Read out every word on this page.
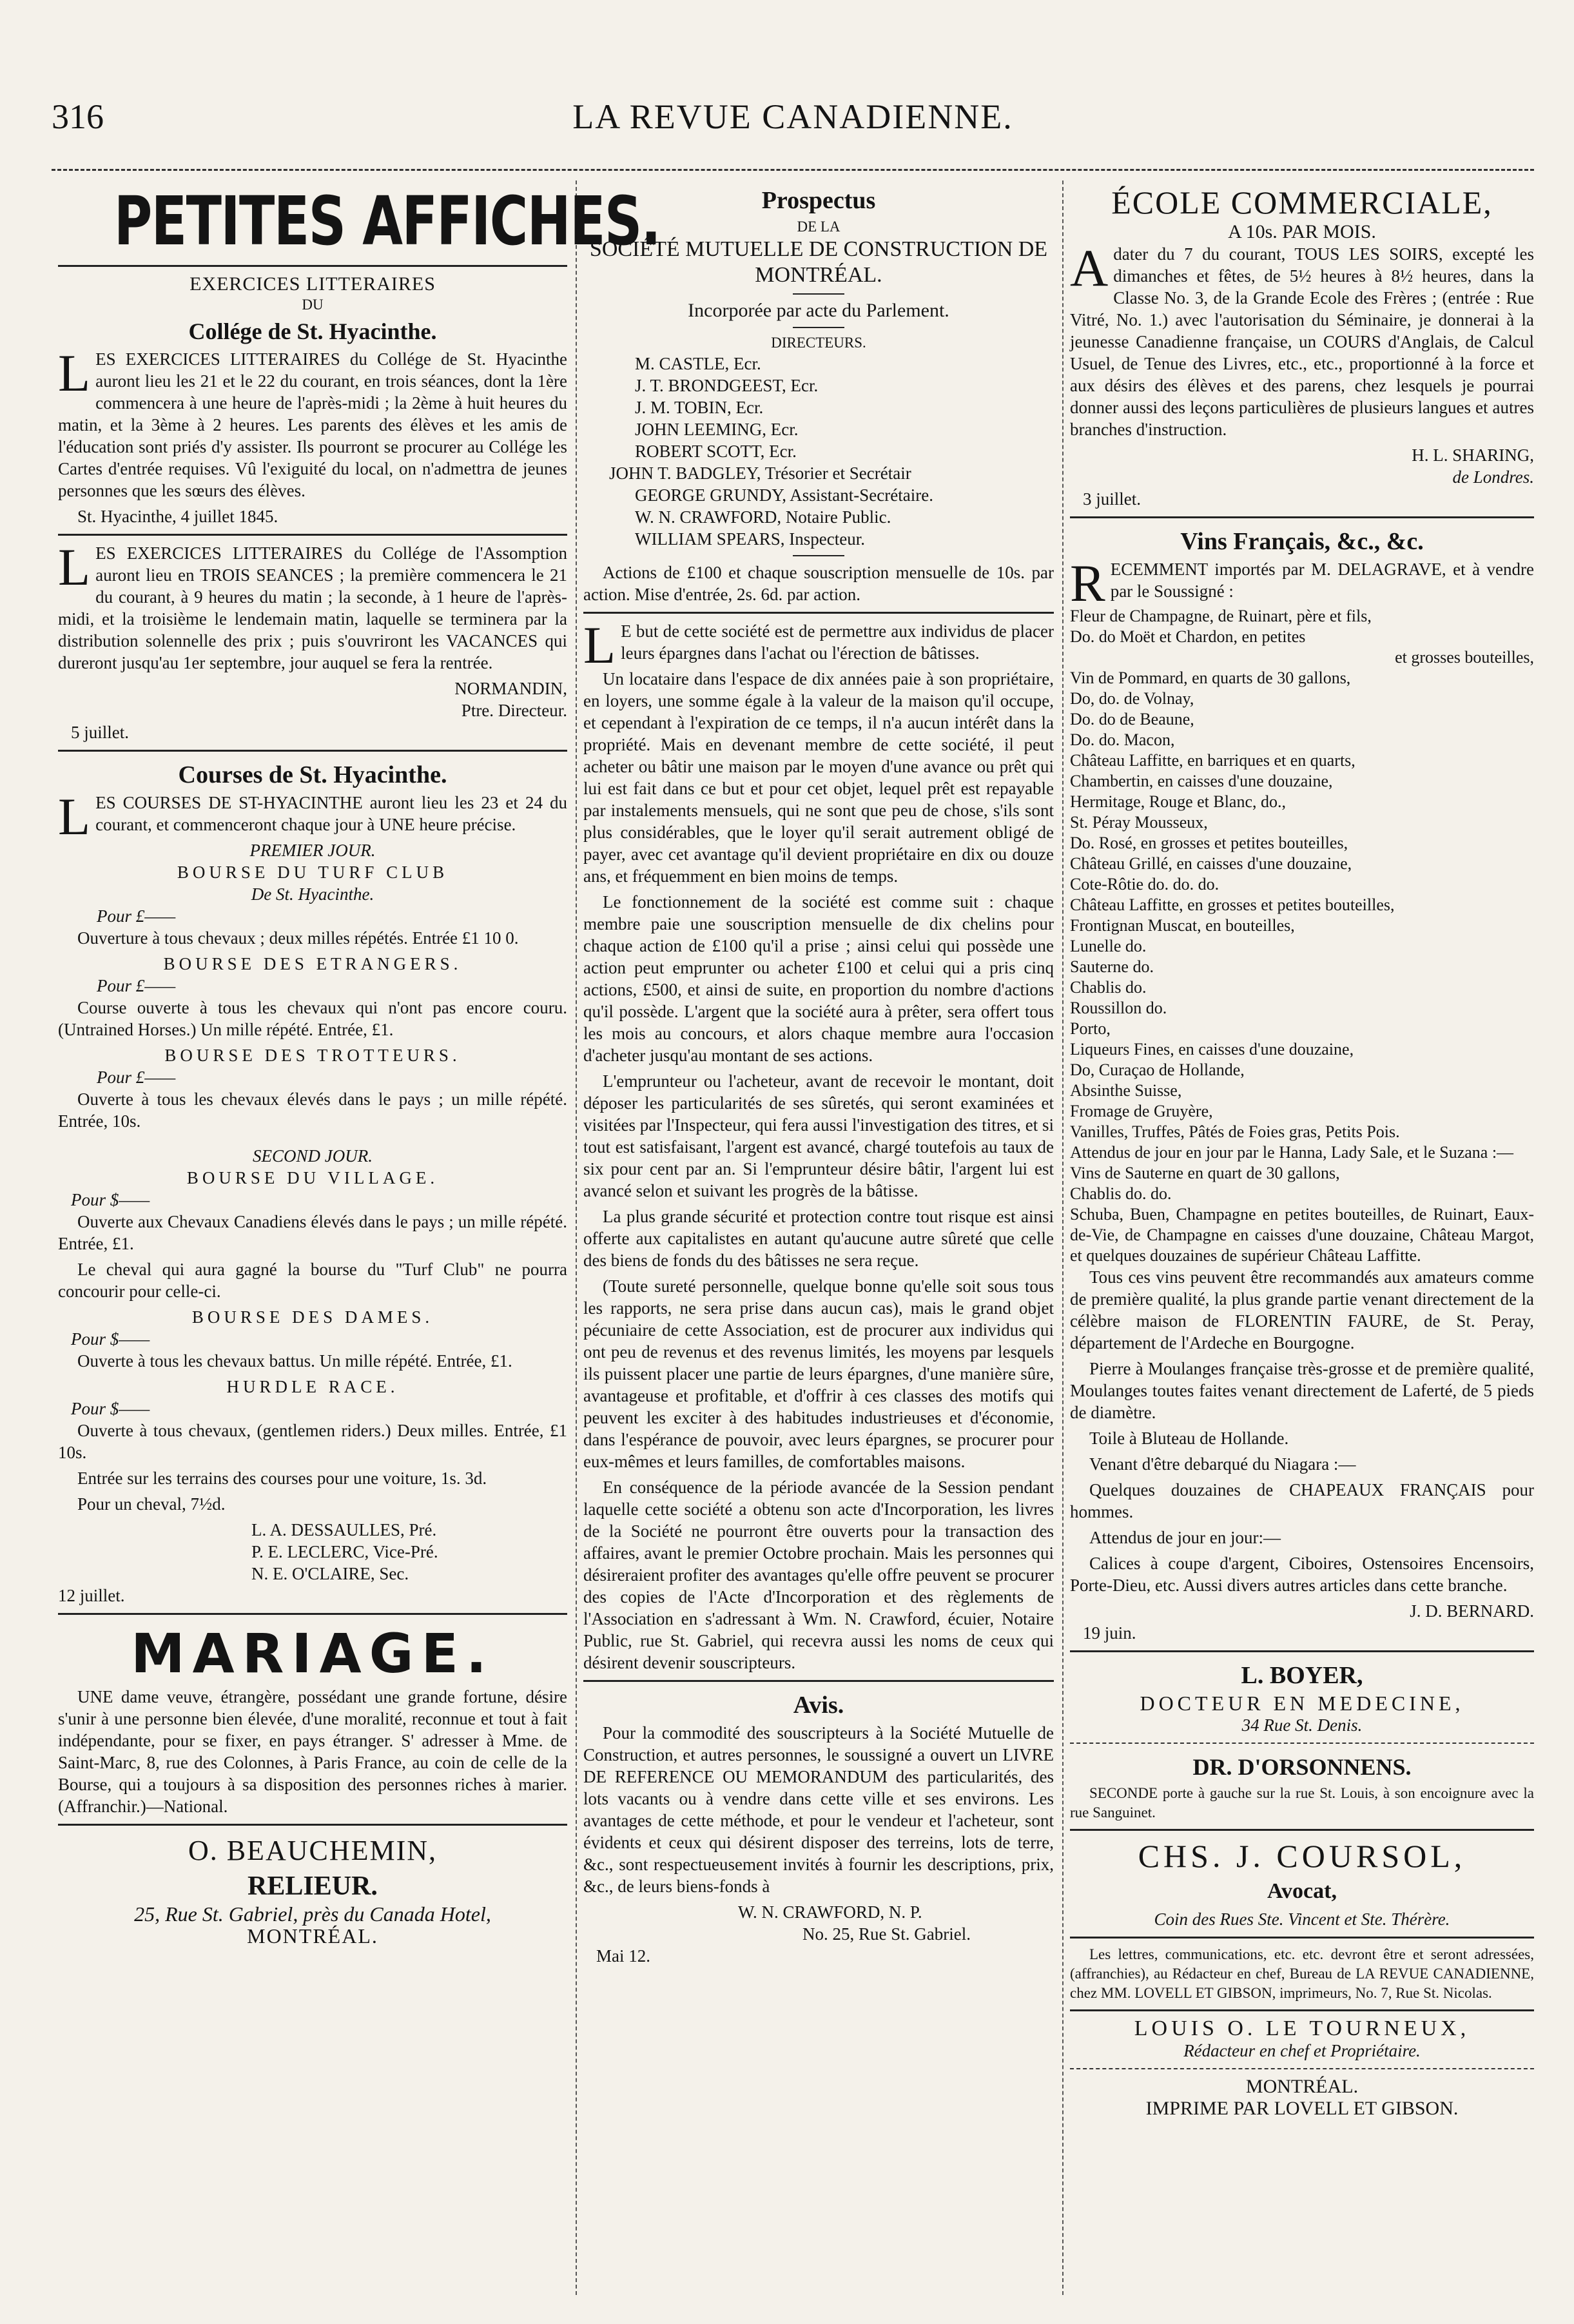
316	LA REVUE CANADIENNE.
PETITES AFFICHES.
EXERCICES LITTERAIRES
DU
Collége de St. Hyacinthe.

LES EXERCICES LITTERAIRES du Collége de St. Hyacinthe auront lieu les 21 et le 22 du courant, en trois séances, dont la 1ère commencera à une heure de l'après-midi ; la 2ème à huit heures du matin, et la 3ème à 2 heures. Les parents des élèves et les amis de l'éducation sont priés d'y assister. Ils pourront se procurer au Collége les Cartes d'entrée requises. Vû l'exiguité du local, on n'admettra de jeunes personnes que les sœurs des élèves.

St. Hyacinthe, 4 juillet 1845.

LES EXERCICES LITTERAIRES du Collége de l'Assomption auront lieu en TROIS SEANCES ; la première commencera le 21 du courant, à 9 heures du matin ; la seconde, à 1 heure de l'après-midi, et la troisième le lendemain matin, laquelle se terminera par la distribution solennelle des prix ; puis s'ouvriront les VACANCES qui dureront jusqu'au 1er septembre, jour auquel se fera la rentrée.

NORMANDIN,
Ptre. Directeur.
5 juillet.
Courses de St. Hyacinthe.

LES COURSES DE ST-HYACINTHE auront lieu les 23 et 24 du courant, et commenceront chaque jour à UNE heure précise.

PREMIER JOUR.
BOURSE DU TURF CLUB
De St. Hyacinthe.
Pour £——

Ouverture à tous chevaux ; deux milles répétés. Entrée £1 10 0.

BOURSE DES ETRANGERS.
Pour £——

Course ouverte à tous les chevaux qui n'ont pas encore couru. (Untrained Horses.) Un mille répété. Entrée, £1.

BOURSE DES TROTTEURS.
Pour £——

Ouverte à tous les chevaux élevés dans le pays ; un mille répété. Entrée, 10s.

SECOND JOUR.
BOURSE DU VILLAGE.
Pour $——

Ouverte aux Chevaux Canadiens élevés dans le pays ; un mille répété. Entrée, £1.

Le cheval qui aura gagné la bourse du "Turf Club" ne pourra concourir pour celle-ci.

BOURSE DES DAMES.
Pour $——

Ouverte à tous les chevaux battus. Un mille répété. Entrée, £1.

HURDLE RACE.
Pour $——

Ouverte à tous chevaux, (gentlemen riders.) Deux milles. Entrée, £1 10s.

Entrée sur les terrains des courses pour une voiture, 1s. 3d.

Pour un cheval, 7½d.

L. A. DESSAULLES, Pré.
P. E. LECLERC, Vice-Pré.
N. E. O'CLAIRE, Sec.
12 juillet.
MARIAGE.

UNE dame veuve, étrangère, possédant une grande fortune, désire s'unir à une personne bien élevée, d'une moralité, reconnue et tout à fait indépendante, pour se fixer, en pays étranger. S' adresser à Mme. de Saint-Marc, 8, rue des Colonnes, à Paris France, au coin de celle de la Bourse, qui a toujours à sa disposition des personnes riches à marier. (Affranchir.)—National.

O. BEAUCHEMIN,
RELIEUR.
25, Rue St. Gabriel, près du Canada Hotel,
MONTRÉAL.
Prospectus
DE LA
SOCIÉTÉ MUTUELLE DE CONSTRUCTION DE MONTRÉAL.
Incorporée par acte du Parlement.
DIRECTEURS.
M. CASTLE, Ecr.
J. T. BRONDGEEST, Ecr.
J. M. TOBIN, Ecr.
JOHN LEEMING, Ecr.
ROBERT SCOTT, Ecr.
JOHN T. BADGLEY, Trésorier et Secrétair
GEORGE GRUNDY, Assistant-Secrétaire.
W. N. CRAWFORD, Notaire Public.
WILLIAM SPEARS, Inspecteur.

Actions de £100 et chaque souscription mensuelle de 10s. par action. Mise d'entrée, 2s. 6d. par action.

L E but de cette société est de permettre aux individus de placer leurs épargnes dans l'achat ou l'érection de bâtisses.

Un locataire dans l'espace de dix années paie à son propriétaire, en loyers, une somme égale à la valeur de la maison qu'il occupe, et cependant à l'expiration de ce temps, il n'a aucun intérêt dans la propriété. Mais en devenant membre de cette société, il peut acheter ou bâtir une maison par le moyen d'une avance ou prêt qui lui est fait dans ce but et pour cet objet, lequel prêt est repayable par instalements mensuels, qui ne sont que peu de chose, s'ils sont plus considérables, que le loyer qu'il serait autrement obligé de payer, avec cet avantage qu'il devient propriétaire en dix ou douze ans, et fréquemment en bien moins de temps.

Le fonctionnement de la société est comme suit : chaque membre paie une souscription mensuelle de dix chelins pour chaque action de £100 qu'il a prise ; ainsi celui qui possède une action peut emprunter ou acheter £100 et celui qui a pris cinq actions, £500, et ainsi de suite, en proportion du nombre d'actions qu'il possède. L'argent que la société aura à prêter, sera offert tous les mois au concours, et alors chaque membre aura l'occasion d'acheter jusqu'au montant de ses actions.

L'emprunteur ou l'acheteur, avant de recevoir le montant, doit déposer les particularités de ses sûretés, qui seront examinées et visitées par l'Inspecteur, qui fera aussi l'investigation des titres, et si tout est satisfaisant, l'argent est avancé, chargé toutefois au taux de six pour cent par an. Si l'emprunteur désire bâtir, l'argent lui est avancé selon et suivant les progrès de la bâtisse.

La plus grande sécurité et protection contre tout risque est ainsi offerte aux capitalistes en autant qu'aucune autre sûreté que celle des biens de fonds du des bâtisses ne sera reçue.

(Toute sureté personnelle, quelque bonne qu'elle soit sous tous les rapports, ne sera prise dans aucun cas), mais le grand objet pécuniaire de cette Association, est de procurer aux individus qui ont peu de revenus et des revenus limités, les moyens par lesquels ils puissent placer une partie de leurs épargnes, d'une manière sûre, avantageuse et profitable, et d'offrir à ces classes des motifs qui peuvent les exciter à des habitudes industrieuses et d'économie, dans l'espérance de pouvoir, avec leurs épargnes, se procurer pour eux-mêmes et leurs familles, de comfortables maisons.

En conséquence de la période avancée de la Session pendant laquelle cette société a obtenu son acte d'Incorporation, les livres de la Société ne pourront être ouverts pour la transaction des affaires, avant le premier Octobre prochain. Mais les personnes qui désireraient profiter des avantages qu'elle offre peuvent se procurer des copies de l'Acte d'Incorporation et des règlements de l'Association en s'adressant à Wm. N. Crawford, écuier, Notaire Public, rue St. Gabriel, qui recevra aussi les noms de ceux qui désirent devenir souscripteurs.

Avis.

Pour la commodité des souscripteurs à la Société Mutuelle de Construction, et autres personnes, le soussigné a ouvert un LIVRE DE REFERENCE OU MEMORANDUM des particularités, des lots vacants ou à vendre dans cette ville et ses environs. Les avantages de cette méthode, et pour le vendeur et l'acheteur, sont évidents et ceux qui désirent disposer des terreins, lots de terre, &c., sont respectueusement invités à fournir les descriptions, prix, &c., de leurs biens-fonds à

W. N. CRAWFORD, N. P.
No. 25, Rue St. Gabriel.
Mai 12.
ÉCOLE COMMERCIALE,
A 10s. PAR MOIS.

Adater du 7 du courant, TOUS LES SOIRS, excepté les dimanches et fêtes, de 5½ heures à 8½ heures, dans la Classe No. 3, de la Grande Ecole des Frères ; (entrée : Rue Vitré, No. 1.) avec l'autorisation du Séminaire, je donnerai à la jeunesse Canadienne française, un COURS d'Anglais, de Calcul Usuel, de Tenue des Livres, etc., etc., proportionné à la force et aux désirs des élèves et des parens, chez lesquels je pourrai donner aussi des leçons particulières de plusieurs langues et autres branches d'instruction.

H. L. SHARING,
de Londres.
3 juillet.
Vins Français, &c., &c.

RECEMMENT importés par M. DELAGRAVE, et à vendre par le Soussigné :

Fleur de Champagne, de Ruinart, père et fils,
Do. do Moët et Chardon, en petites
et grosses bouteilles,
Vin de Pommard, en quarts de 30 gallons,
Do, do. de Volnay,
Do. do de Beaune,
Do. do. Macon,
Château Laffitte, en barriques et en quarts,
Chambertin, en caisses d'une douzaine,
Hermitage, Rouge et Blanc, do.,
St. Péray Mousseux,
Do. Rosé, en grosses et petites bouteilles,
Château Grillé, en caisses d'une douzaine,
Cote-Rôtie do. do. do.
Château Laffitte, en grosses et petites bouteilles,
Frontignan Muscat, en bouteilles,
Lunelle do.
Sauterne do.
Chablis do.
Roussillon do.
Porto,
Liqueurs Fines, en caisses d'une douzaine,
Do, Curaçao de Hollande,
Absinthe Suisse,
Fromage de Gruyère,
Vanilles, Truffes, Pâtés de Foies gras, Petits Pois.
Attendus de jour en jour par le Hanna, Lady Sale, et le Suzana :—
Vins de Sauterne en quart de 30 gallons,
Chablis do. do.
Schuba, Buen, Champagne en petites bouteilles, de Ruinart, Eaux-de-Vie, de Champagne en caisses d'une douzaine, Château Margot, et quelques douzaines de supérieur Château Laffitte.

Tous ces vins peuvent être recommandés aux amateurs comme de première qualité, la plus grande partie venant directement de la célèbre maison de FLORENTIN FAURE, de St. Peray, département de l'Ardeche en Bourgogne.

Pierre à Moulanges française très-grosse et de première qualité, Moulanges toutes faites venant directement de Laferté, de 5 pieds de diamètre.

Toile à Bluteau de Hollande.

Venant d'être debarqué du Niagara :—

Quelques douzaines de CHAPEAUX FRANÇAIS pour hommes.

Attendus de jour en jour:—

Calices à coupe d'argent, Ciboires, Ostensoires Encensoirs, Porte-Dieu, etc. Aussi divers autres articles dans cette branche.

J. D. BERNARD.
19 juin.
L. BOYER,
DOCTEUR EN MEDECINE,
34 Rue St. Denis.
DR. D'ORSONNENS.

SECONDE porte à gauche sur la rue St. Louis, à son encoignure avec la rue Sanguinet.

CHS. J. COURSOL,
Avocat,
Coin des Rues Ste. Vincent et Ste. Thérère.

Les lettres, communications, etc. etc. devront être et seront adressées, (affranchies), au Rédacteur en chef, Bureau de LA REVUE CANADIENNE, chez MM. LOVELL ET GIBSON, imprimeurs, No. 7, Rue St. Nicolas.

LOUIS O. LE TOURNEUX,
Rédacteur en chef et Propriétaire.
MONTRÉAL.
IMPRIME PAR LOVELL ET GIBSON.
